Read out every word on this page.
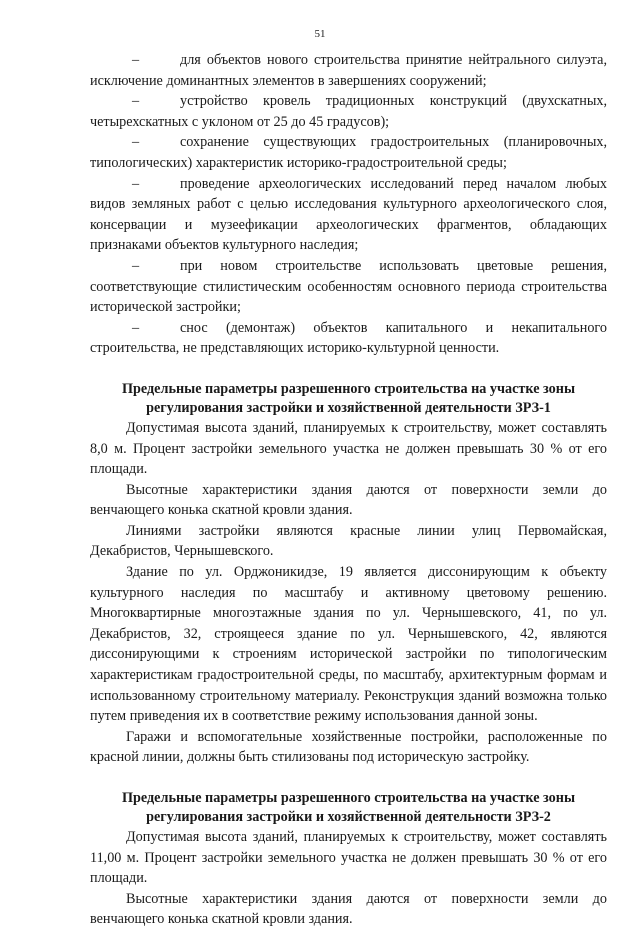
51

–	для объектов нового строительства принятие нейтрального силуэта, исключение доминантных элементов в завершениях сооружений;

–	устройство кровель традиционных конструкций (двухскатных, четырехскатных с уклоном от 25 до 45 градусов);

–	сохранение существующих градостроительных (планировочных, типологических) характеристик историко-градостроительной среды;

–	проведение археологических исследований перед началом любых видов земляных работ с целью исследования культурного археологического слоя, консервации и музеефикации археологических фрагментов, обладающих признаками объектов культурного наследия;

–	при новом строительстве использовать цветовые решения, соответствующие стилистическим особенностям основного периода строительства исторической застройки;

–	снос (демонтаж) объектов капитального и некапитального строительства, не представляющих историко-культурной ценности.

Предельные параметры разрешенного строительства на участке зоны
регулирования застройки и хозяйственной деятельности ЗРЗ-1

Допустимая высота зданий, планируемых к строительству, может составлять 8,0 м. Процент застройки земельного участка не должен превышать 30 % от его площади.

Высотные характеристики здания даются от поверхности земли до венчающего конька скатной кровли здания.

Линиями застройки являются красные линии улиц Первомайская, Декабристов, Чернышевского.

Здание по ул. Орджоникидзе, 19 является диссонирующим к объекту культурного наследия по масштабу и активному цветовому решению. Многоквартирные многоэтажные здания по ул. Чернышевского, 41, по ул. Декабристов, 32, строящееся здание по ул. Чернышевского, 42, являются диссонирующими к строениям исторической застройки по типологическим характеристикам градостроительной среды, по масштабу, архитектурным формам и использованному строительному материалу. Реконструкция зданий возможна только путем приведения их в соответствие режиму использования данной зоны.

Гаражи и вспомогательные хозяйственные постройки, расположенные по красной линии, должны быть стилизованы под историческую застройку.

Предельные параметры разрешенного строительства на участке зоны
регулирования застройки и хозяйственной деятельности ЗРЗ-2

Допустимая высота зданий, планируемых к строительству, может составлять 11,00 м. Процент застройки земельного участка не должен превышать 30 % от его площади.

Высотные характеристики здания даются от поверхности земли до венчающего конька скатной кровли здания.
